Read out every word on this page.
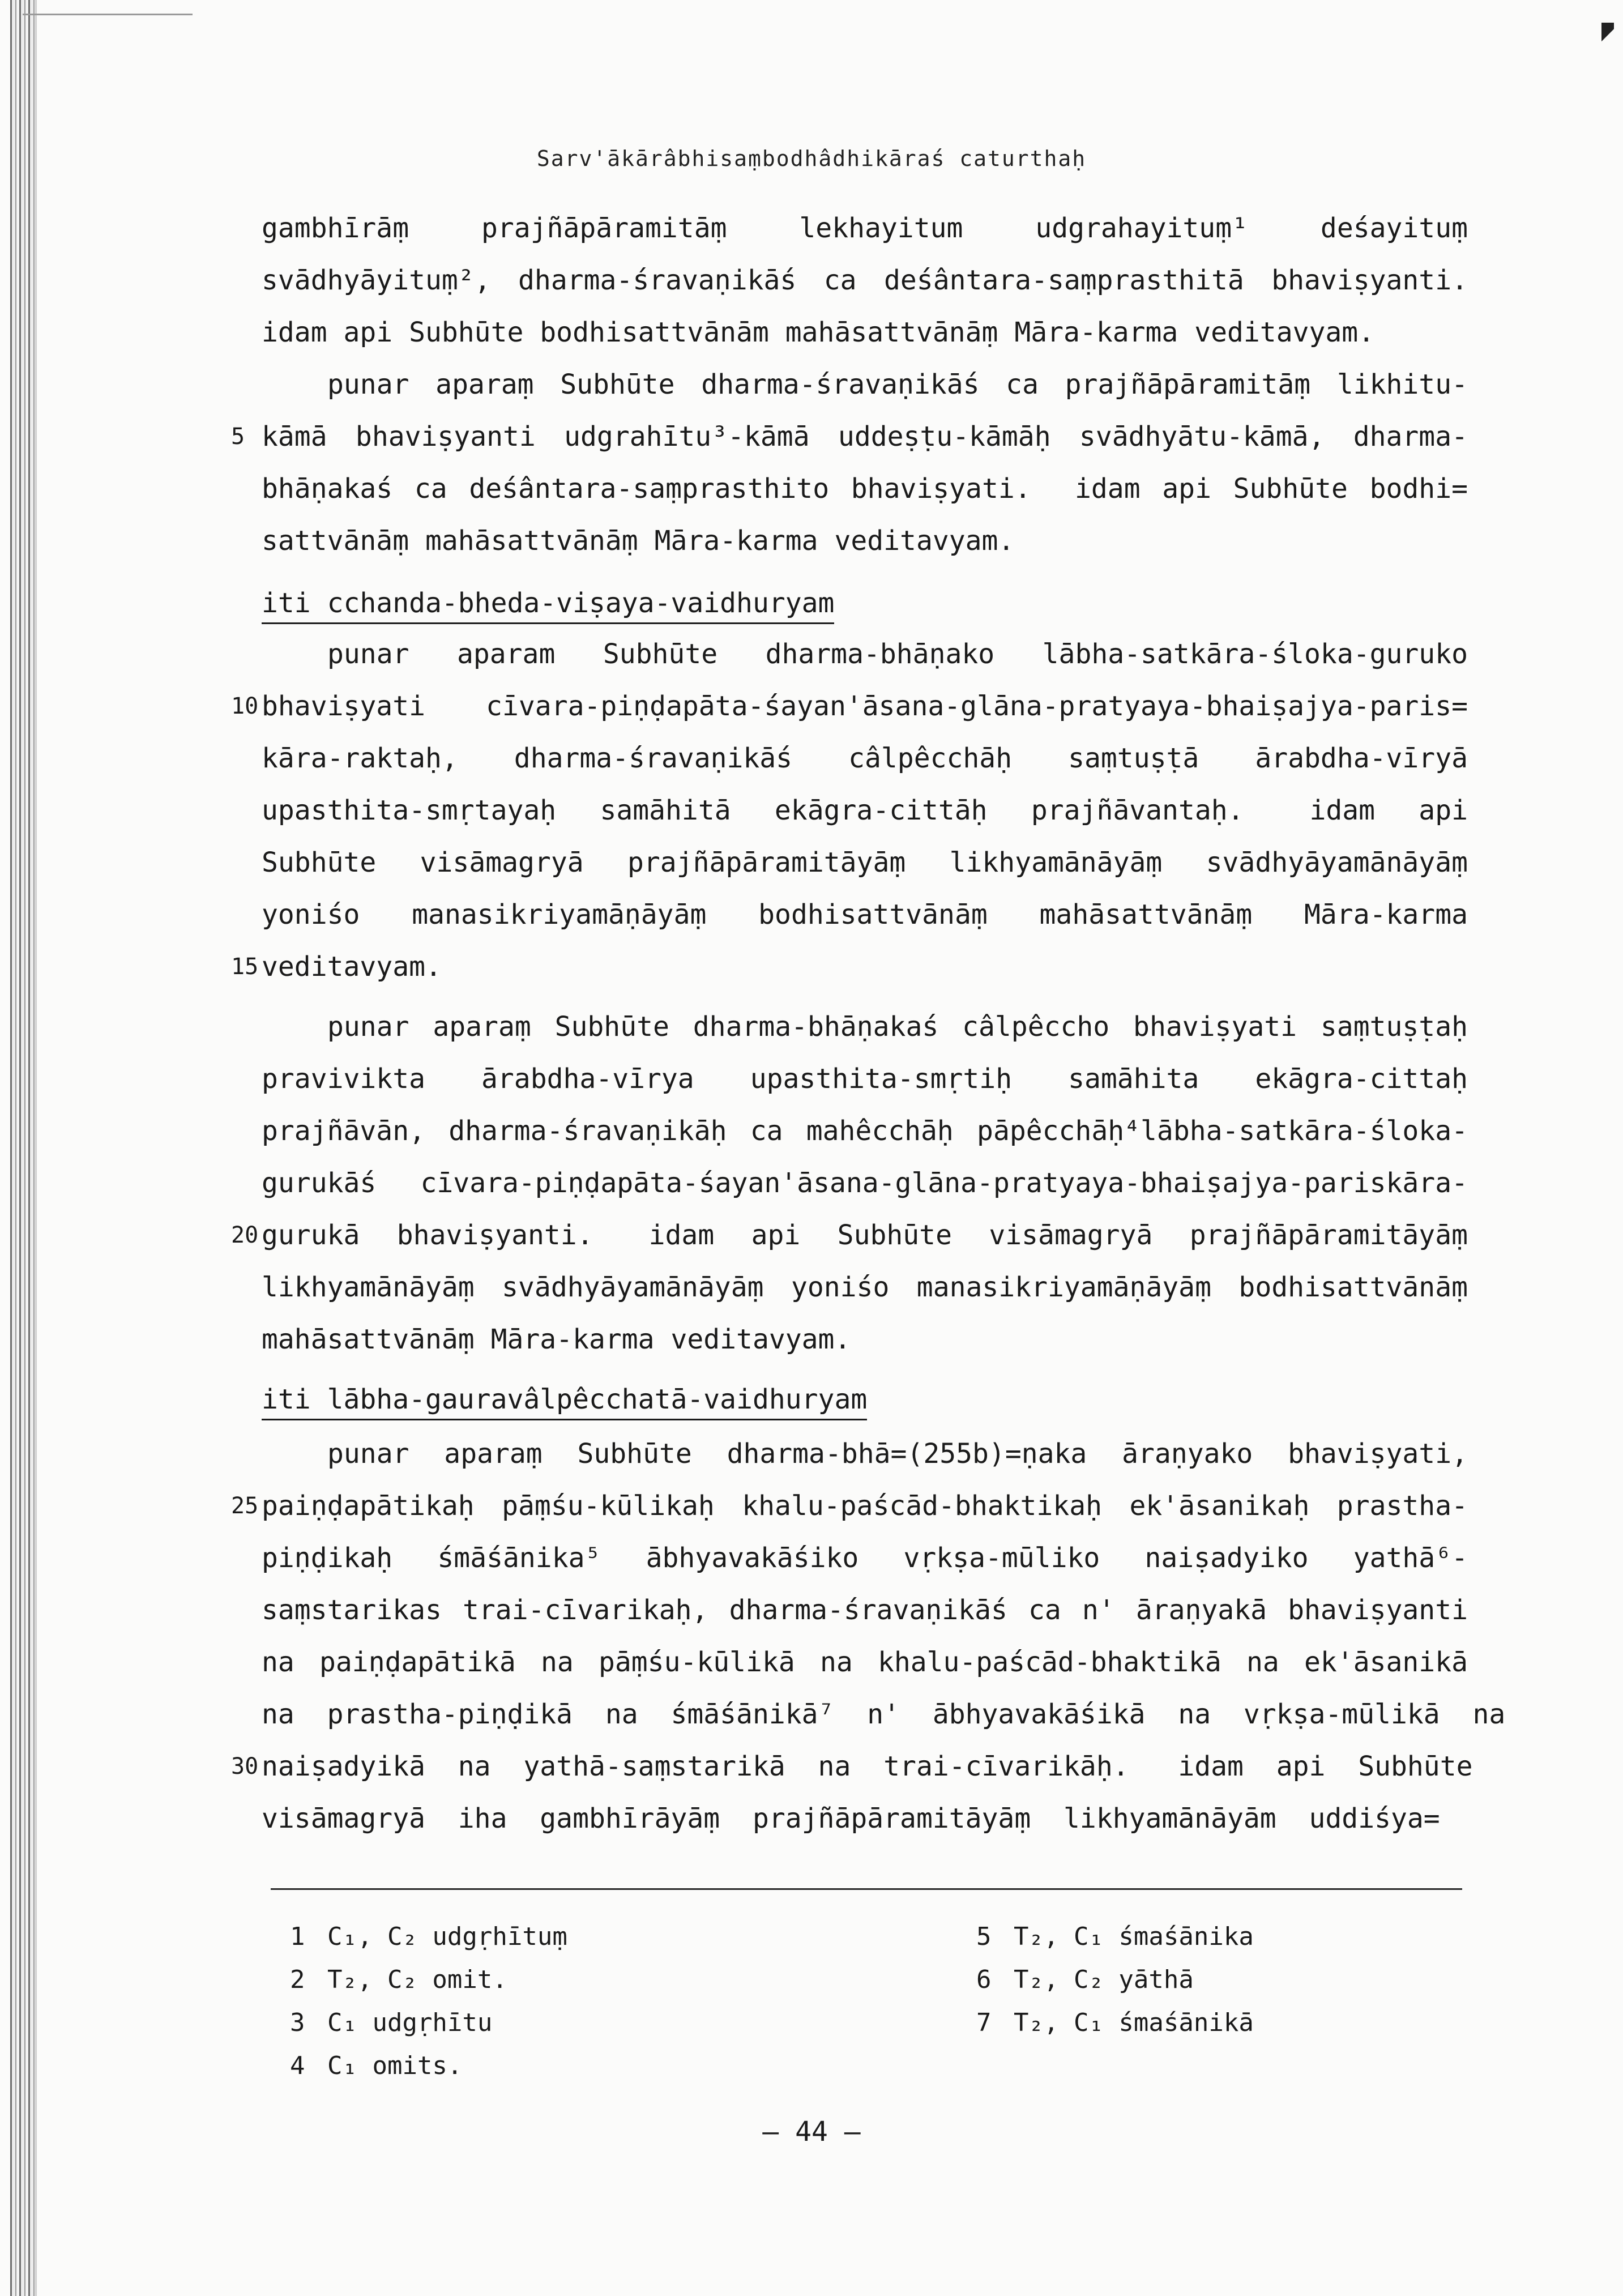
Sarv'ākārâbhisaṃbodhâdhikāraś caturthaḥ
gambhīrāṃ   prajñāpāramitāṃ   lekhayitum   udgrahayituṃ¹   deśayituṃ
svādhyāyituṃ², dharma-śravaṇikāś ca deśântara-saṃprasthitā bhaviṣyanti.
idam api Subhūte bodhisattvānām mahāsattvānāṃ Māra-karma veditavyam.
punar aparaṃ Subhūte dharma-śravaṇikāś ca prajñāpāramitāṃ likhitu-
kāmā bhaviṣyanti udgrahītu³-kāmā uddeṣṭu-kāmāḥ svādhyātu-kāmā, dharma-
5
bhāṇakaś ca deśântara-saṃprasthito bhaviṣyati.  idam api Subhūte bodhi=
sattvānāṃ mahāsattvānāṃ Māra-karma veditavyam.
iti cchanda-bheda-viṣaya-vaidhuryam
punar  aparam  Subhūte  dharma-bhāṇako  lābha-satkāra-śloka-guruko
bhaviṣyati  cīvara-piṇḍapāta-śayan'āsana-glāna-pratyaya-bhaiṣajya-paris=
10
kāra-raktaḥ,   dharma-śravaṇikāś   câlpêcchāḥ   saṃtuṣṭā   ārabdha-vīryā
upasthita-smṛtayaḥ  samāhitā  ekāgra-cittāḥ  prajñāvantaḥ.   idam  api
Subhūte  visāmagryā  prajñāpāramitāyāṃ  likhyamānāyāṃ  svādhyāyamānāyāṃ
yoniśo   manasikriyamāṇāyāṃ   bodhisattvānāṃ   mahāsattvānāṃ   Māra-karma
veditavyam.
15
punar aparaṃ Subhūte dharma-bhāṇakaś câlpêccho bhaviṣyati saṃtuṣṭaḥ
pravivikta   ārabdha-vīrya   upasthita-smṛtiḥ   samāhita   ekāgra-cittaḥ
prajñāvān, dharma-śravaṇikāḥ ca mahêcchāḥ pāpêcchāḥ⁴lābha-satkāra-śloka-
gurukāś cīvara-piṇḍapāta-śayan'āsana-glāna-pratyaya-bhaiṣajya-pariskāra-
gurukā  bhaviṣyanti.   idam  api  Subhūte  visāmagryā  prajñāpāramitāyāṃ
20
likhyamānāyāṃ svādhyāyamānāyāṃ yoniśo manasikriyamāṇāyāṃ bodhisattvānāṃ
mahāsattvānāṃ Māra-karma veditavyam.
iti lābha-gauravâlpêcchatā-vaidhuryam
punar  aparaṃ  Subhūte  dharma-bhā=(255b)=ṇaka  āraṇyako  bhaviṣyati,
paiṇḍapātikaḥ pāṃśu-kūlikaḥ khalu-paścād-bhaktikaḥ ek'āsanikaḥ prastha-
25
piṇḍikaḥ  śmāśānika⁵  ābhyavakāśiko  vṛkṣa-mūliko  naiṣadyiko  yathā⁶-
saṃstarikas trai-cīvarikaḥ, dharma-śravaṇikāś ca n' āraṇyakā bhaviṣyanti
na paiṇḍapātikā na pāṃśu-kūlikā na khalu-paścād-bhaktikā na ek'āsanikā
na  prastha-piṇḍikā  na  śmāśānikā⁷  n'  ābhyavakāśikā  na  vṛkṣa-mūlikā  na
naiṣadyikā  na  yathā-saṃstarikā  na  trai-cīvarikāḥ.   idam  api  Subhūte
30
visāmagryā  iha  gambhīrāyāṃ  prajñāpāramitāyāṃ  likhyamānāyām  uddiśya=
1 C₁, C₂ udgṛhītuṃ
2 T₂, C₂ omit.
3 C₁ udgṛhītu
4 C₁ omits.
5 T₂, C₁ śmaśānika
6 T₂, C₂ yāthā
7 T₂, C₁ śmaśānikā
— 44 —
